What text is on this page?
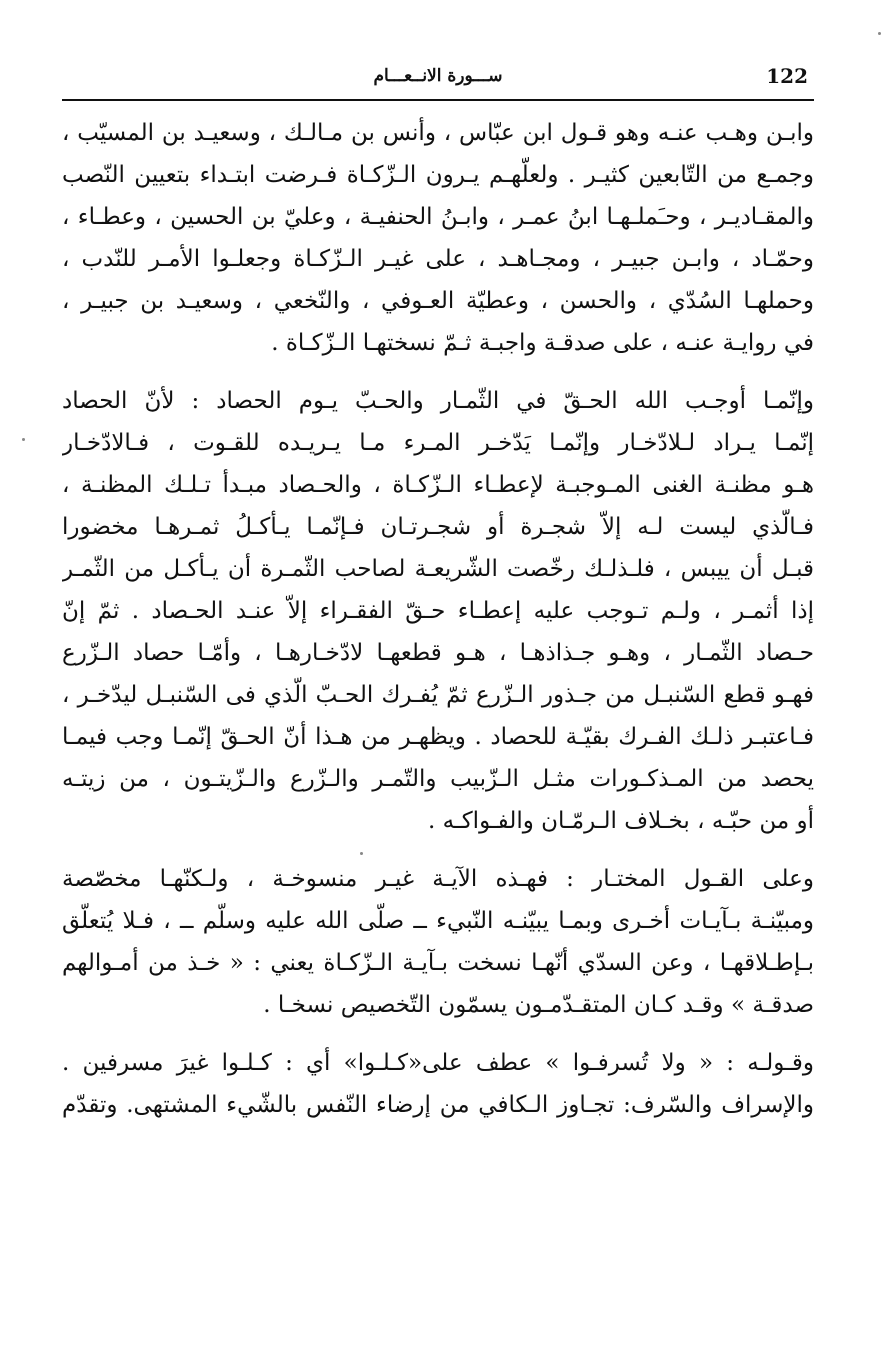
122
ســـورة الانــعـــام
وابـن وهـب عنـه وهو قـول ابن عبّاس ، وأنس بن مـالـك ، وسعيـد بن المسيّب ،
وجمـع من التّابعين كثيـر . ولعلّهـم يـرون الـزّكـاة فـرضت ابتـداء بتعيين النّصب
والمقـاديـر ، وحـَملـهـا ابنُ عمـر ، وابـنُ الحنفيـة ، وعليّ بن الحسين ، وعطـاء ،
وحمّـاد ، وابـن جبيـر ، ومجـاهـد ، على غيـر الـزّكـاة وجعلـوا الأمـر للنّدب ،
وحملهـا السُدّي ، والحسن ، وعطيّة العـوفي ، والنّخعي ، وسعيـد بن جبيـر ،
في روايـة عنـه ، على صدقـة واجبـة ثـمّ نسختهـا الـزّكـاة .
وإنّمـا أوجـب الله الحـقّ في الثّمـار والحـبّ يـوم الحصاد : لأنّ الحصاد
إنّمـا يـراد لـلادّخـار وإنّمـا يَدّخـر المـرء مـا يـريـده للقـوت ، فـالادّخـار
هـو مظنـة الغنى المـوجبـة لإعطـاء الـزّكـاة ، والحـصاد مبـدأ تـلـك المظنـة ،
فـالّذي ليست لـه إلاّ شجـرة أو شجـرتـان فـإنّمـا يـأكـلُ ثمـرهـا مخضورا
قبـل أن ييبس ، فلـذلـك رخّصت الشّريعـة لصاحب الثّمـرة أن يـأكـل من الثّمـر
إذا أثمـر ، ولـم تـوجب عليه إعطـاء حـقّ الفقـراء إلاّ عنـد الحـصاد . ثمّ إنّ
حـصاد الثّمـار ، وهـو جـذاذهـا ، هـو قطعهـا لادّخـارهـا ، وأمّـا حصاد الـزّرع
فهـو قطع السّنبـل من جـذور الـزّرع ثمّ يُفـرك الحـبّ الّذي فى السّنبـل ليدّخـر ،
فـاعتبـر ذلـك الفـرك بقيّـة للحصاد . ويظهـر من هـذا أنّ الحـقّ إنّمـا وجب فيمـا
يحصد من المـذكـورات مثـل الـزّبيب والتّمـر والـزّرع والـزّيتـون ، من زيتـه
أو من حبّـه ، بخـلاف الـرمّـان والفـواكـه .
وعلى القـول المختـار : فهـذه الآيـة غيـر منسوخـة ، ولـكنّهـا مخصّصة
ومبيّنـة بـآيـات أخـرى وبمـا يبيّنـه النّبيء ــ صلّى الله عليه وسلّم ــ ، فـلا يُتعلّق
بـإطـلاقهـا ، وعن السدّي أنّهـا نسخت بـآيـة الـزّكـاة يعني : « خـذ من أمـوالهم
صدقـة » وقـد كـان المتقـدّمـون يسمّون التّخصيص نسخـا .
وقـولـه : « ولا تُسرفـوا » عطف على«كـلـوا» أي : كـلـوا غيرَ مسرفين .
والإسراف والسّرف: تجـاوز الـكافي من إرضاء النّفس بالشّيء المشتهى. وتقدّم
